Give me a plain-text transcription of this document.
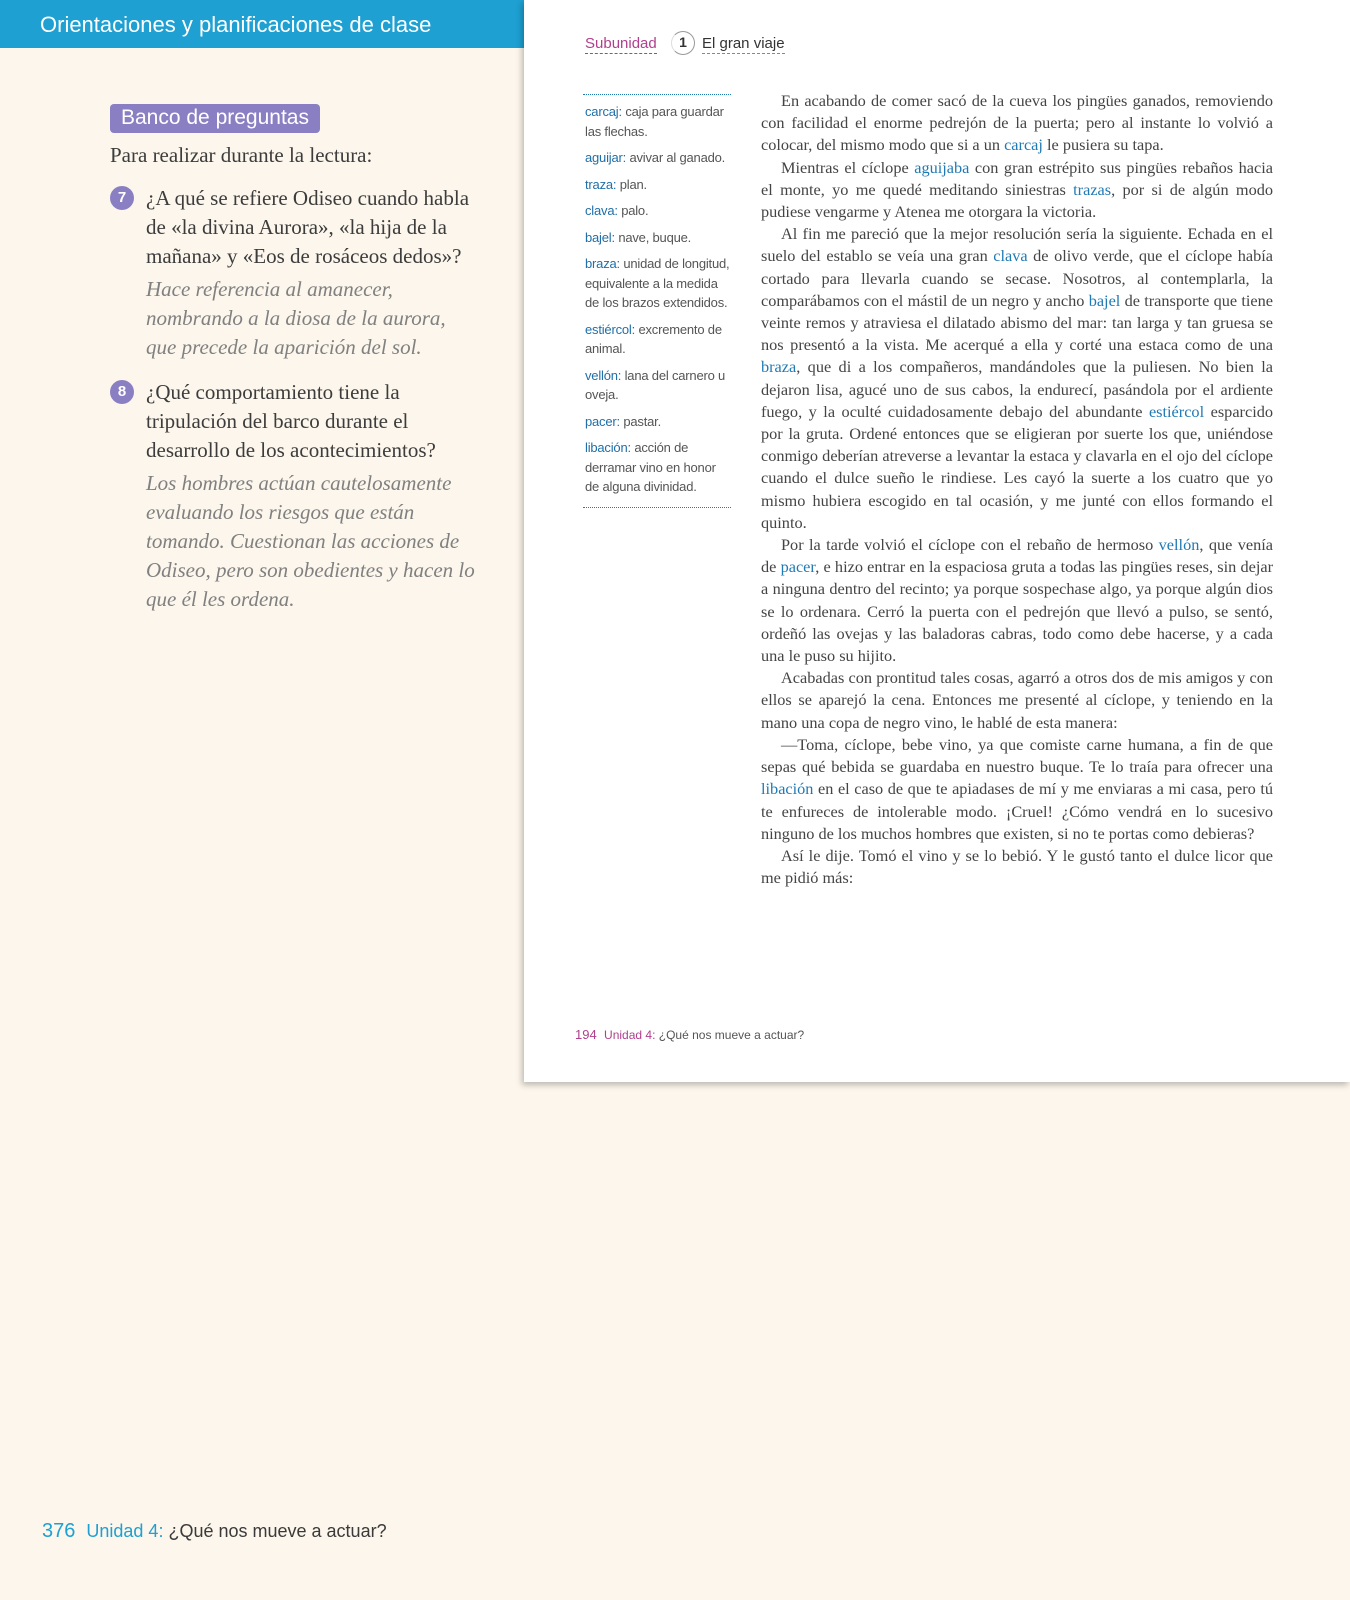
Orientaciones y planificaciones de clase
Banco de preguntas
Para realizar durante la lectura:
7 ¿A qué se refiere Odiseo cuando habla de «la divina Aurora», «la hija de la mañana» y «Eos de rosáceos dedos»?
Hace referencia al amanecer, nombrando a la diosa de la aurora, que precede la aparición del sol.
8 ¿Qué comportamiento tiene la tripulación del barco durante el desarrollo de los acontecimientos?
Los hombres actúan cautelosamente evaluando los riesgos que están tomando. Cuestionan las acciones de Odiseo, pero son obedientes y hacen lo que él les ordena.
Subunidad	1	El gran viaje
carcaj: caja para guardar las flechas.
aguijar: avivar al ganado.
traza: plan.
clava: palo.
bajel: nave, buque.
braza: unidad de longitud, equivalente a la medida de los brazos extendidos.
estiércol: excremento de animal.
vellón: lana del carnero u oveja.
pacer: pastar.
libación: acción de derramar vino en honor de alguna divinidad.

En acabando de comer sacó de la cueva los pingües ganados, removiendo con facilidad el enorme pedrejón de la puerta; pero al instante lo volvió a colocar, del mismo modo que si a un carcaj le pusiera su tapa.

Mientras el cíclope aguijaba con gran estrépito sus pingües rebaños hacia el monte, yo me quedé meditando siniestras trazas, por si de algún modo pudiese vengarme y Atenea me otorgara la victoria.

Al fin me pareció que la mejor resolución sería la siguiente. Echada en el suelo del establo se veía una gran clava de olivo verde, que el cíclope había cortado para llevarla cuando se secase. Nosotros, al contemplarla, la comparábamos con el mástil de un negro y ancho bajel de transporte que tiene veinte remos y atraviesa el dilatado abismo del mar: tan larga y tan gruesa se nos presentó a la vista. Me acerqué a ella y corté una estaca como de una braza, que di a los compañeros, mandándoles que la puliesen. No bien la dejaron lisa, agucé uno de sus cabos, la endurecí, pasándola por el ardiente fuego, y la oculté cuidadosamente debajo del abundante estiércol esparcido por la gruta. Ordené entonces que se eligieran por suerte los que, uniéndose conmigo deberían atreverse a levantar la estaca y clavarla en el ojo del cíclope cuando el dulce sueño le rindiese. Les cayó la suerte a los cuatro que yo mismo hubiera escogido en tal ocasión, y me junté con ellos formando el quinto.

Por la tarde volvió el cíclope con el rebaño de hermoso vellón, que venía de pacer, e hizo entrar en la espaciosa gruta a todas las pingües reses, sin dejar a ninguna dentro del recinto; ya porque sospechase algo, ya porque algún dios se lo ordenara. Cerró la puerta con el pedrejón que llevó a pulso, se sentó, ordeñó las ovejas y las baladoras cabras, todo como debe hacerse, y a cada una le puso su hijito.

Acabadas con prontitud tales cosas, agarró a otros dos de mis amigos y con ellos se aparejó la cena. Entonces me presenté al cíclope, y teniendo en la mano una copa de negro vino, le hablé de esta manera:

—Toma, cíclope, bebe vino, ya que comiste carne humana, a fin de que sepas qué bebida se guardaba en nuestro buque. Te lo traía para ofrecer una libación en el caso de que te apiadases de mí y me enviaras a mi casa, pero tú te enfureces de intolerable modo. ¡Cruel! ¿Cómo vendrá en lo sucesivo ninguno de los muchos hombres que existen, si no te portas como debieras?

Así le dije. Tomó el vino y se lo bebió. Y le gustó tanto el dulce licor que me pidió más:

194 Unidad 4: ¿Qué nos mueve a actuar?
376 Unidad 4: ¿Qué nos mueve a actuar?
